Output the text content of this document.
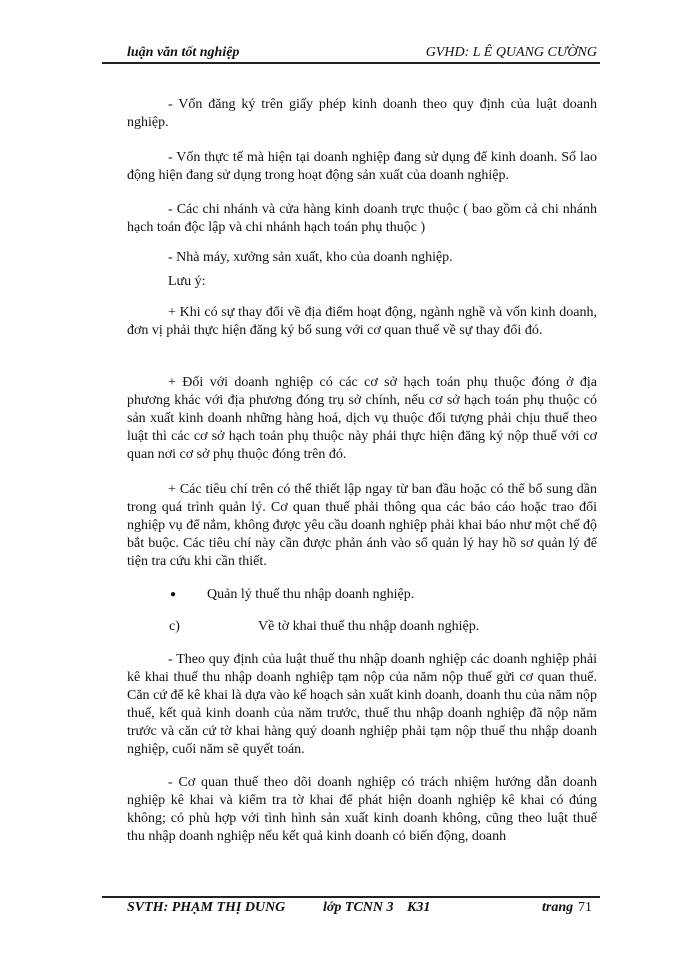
luận văn tốt nghiệp	GVHD: L Ê QUANG CƯỜNG

- Vốn đăng ký trên giấy phép kinh doanh theo quy định của luật doanh nghiệp.

- Vốn thực tế mà hiện tại doanh nghiệp đang sử dụng để kinh doanh. Số lao động hiện đang sử dụng trong hoạt động sản xuất của doanh nghiệp.

- Các chi nhánh và cửa hàng kinh doanh trực thuộc ( bao gồm cả chi nhánh hạch toán độc lập và chi nhánh hạch toán phụ thuộc )

- Nhà máy, xưởng sản xuất, kho của doanh nghiệp.

Lưu ý:

+ Khi có sự thay đổi về địa điểm hoạt động, ngành nghề và vốn kinh doanh, đơn vị phải thực hiện đăng ký bổ sung với cơ quan thuế về sự thay đổi đó.

+ Đối với doanh nghiệp có các cơ sở hạch toán phụ thuộc đóng ở địa phương khác với địa phương đóng trụ sở chính, nếu cơ sở hạch toán phụ thuộc có sản xuất kinh doanh những hàng hoá, dịch vụ thuộc đối tượng phải chịu thuế theo luật thì các cơ sở hạch toán phụ thuộc này phải thực hiện đăng ký nộp thuế với cơ quan nơi cơ sở phụ thuộc đóng trên đó.

+ Các tiêu chí trên có thể thiết lập ngay từ ban đầu hoặc có thể bổ sung dần trong quá trình quản lý. Cơ quan thuế phải thông qua các báo cáo hoặc trao đổi nghiệp vụ để nắm, không được yêu cầu doanh nghiệp phải khai báo như một chế độ bắt buộc. Các tiêu chí này cần được phản ánh vào sổ quản lý hay hồ sơ quản lý để tiện tra cứu khi cần thiết.

●	Quản lý thuế thu nhập doanh nghiệp.
c)	Về tờ khai thuế thu nhập doanh nghiệp.

- Theo quy định của luật thuế thu nhập doanh nghiệp các doanh nghiệp phải kê khai thuế thu nhập doanh nghiệp tạm nộp của năm nộp thuế gửi cơ quan thuế. Căn cứ để kê khai là dựa vào kế hoạch sản xuất kinh doanh, doanh thu của năm nộp thuế, kết quả kinh doanh của năm trước, thuế thu nhập doanh nghiệp đã nộp năm trước và căn cứ tờ khai hàng quý doanh nghiệp phải tạm nộp thuế thu nhập doanh nghiệp, cuối năm sẽ quyết toán.

- Cơ quan thuế theo dõi doanh nghiệp có trách nhiệm hướng dẫn doanh nghiệp kê khai và kiểm tra tờ khai để phát hiện doanh nghiệp kê khai có đúng không; có phù hợp với tình hình sản xuất kinh doanh không, cũng theo luật thuế thu nhập doanh nghiệp nếu kết quả kinh doanh có biến động, doanh

SVTH: PHẠM THỊ DUNG	lớp TCNN 3 K31	trang 71
